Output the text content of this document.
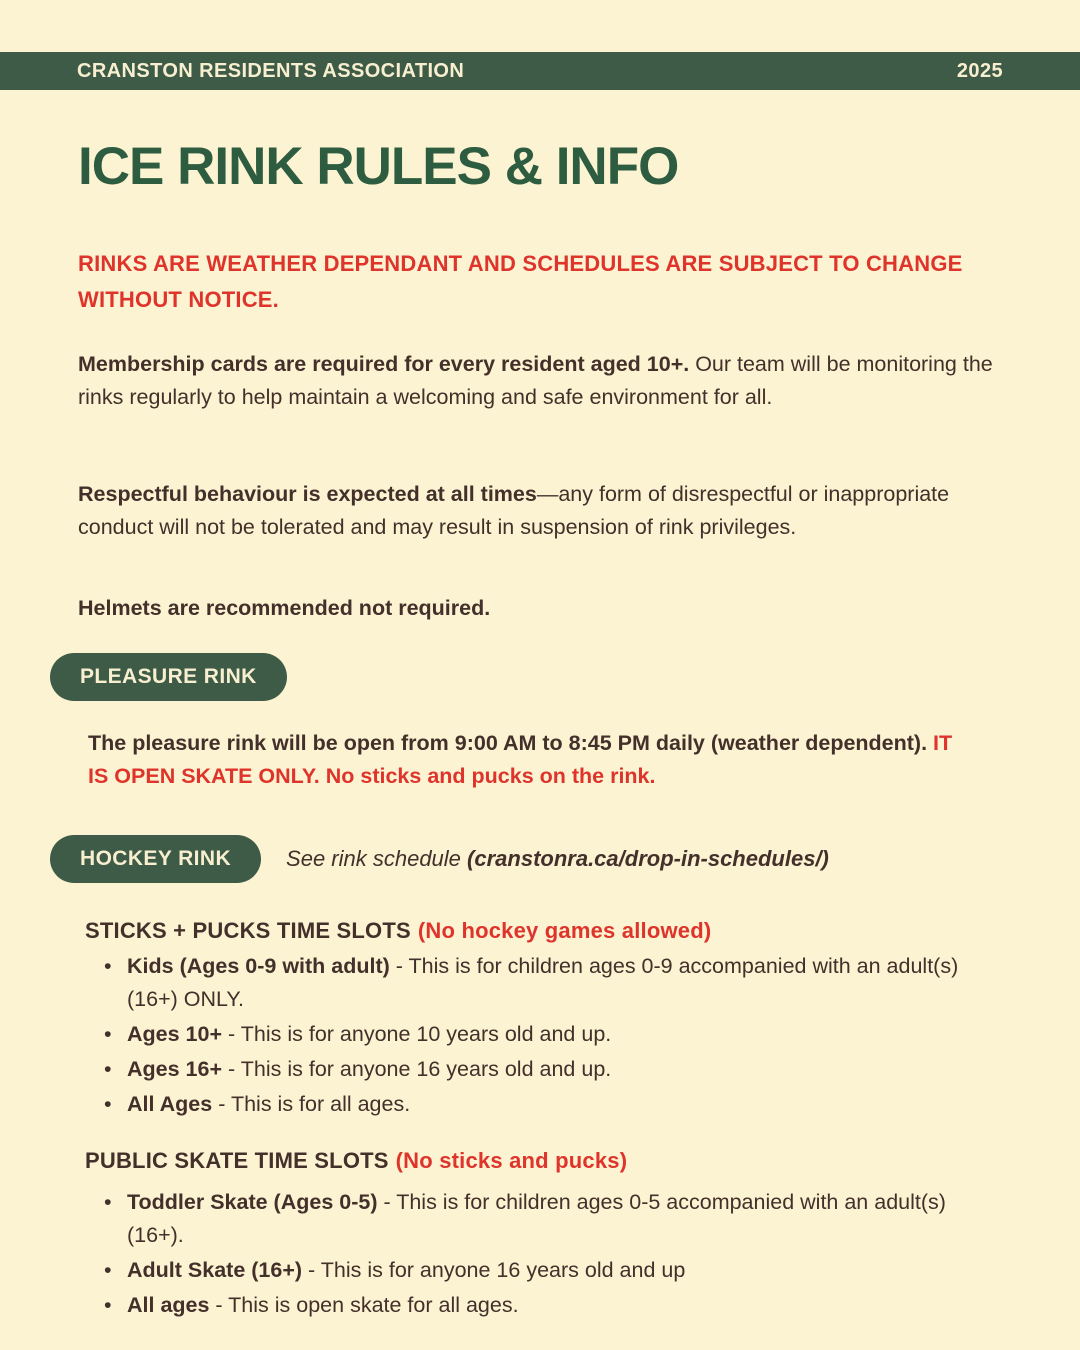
CRANSTON RESIDENTS ASSOCIATION	2025
ICE RINK RULES & INFO
RINKS ARE WEATHER DEPENDANT AND SCHEDULES ARE SUBJECT TO CHANGE WITHOUT NOTICE.
Membership cards are required for every resident aged 10+. Our team will be monitoring the rinks regularly to help maintain a welcoming and safe environment for all.
Respectful behaviour is expected at all times—any form of disrespectful or inappropriate conduct will not be tolerated and may result in suspension of rink privileges.
Helmets are recommended not required.
PLEASURE RINK
The pleasure rink will be open from 9:00 AM to 8:45 PM daily (weather dependent). IT IS OPEN SKATE ONLY. No sticks and pucks on the rink.
HOCKEY RINK	See rink schedule (cranstonra.ca/drop-in-schedules/)
STICKS + PUCKS TIME SLOTS (No hockey games allowed)
• Kids (Ages 0-9 with adult) - This is for children ages 0-9 accompanied with an adult(s) (16+) ONLY.
• Ages 10+ - This is for anyone 10 years old and up.
• Ages 16+ - This is for anyone 16 years old and up.
• All Ages - This is for all ages.
PUBLIC SKATE TIME SLOTS (No sticks and pucks)
• Toddler Skate (Ages 0-5) - This is for children ages 0-5 accompanied with an adult(s) (16+).
• Adult Skate (16+) - This is for anyone 16 years old and up
• All ages - This is open skate for all ages.
